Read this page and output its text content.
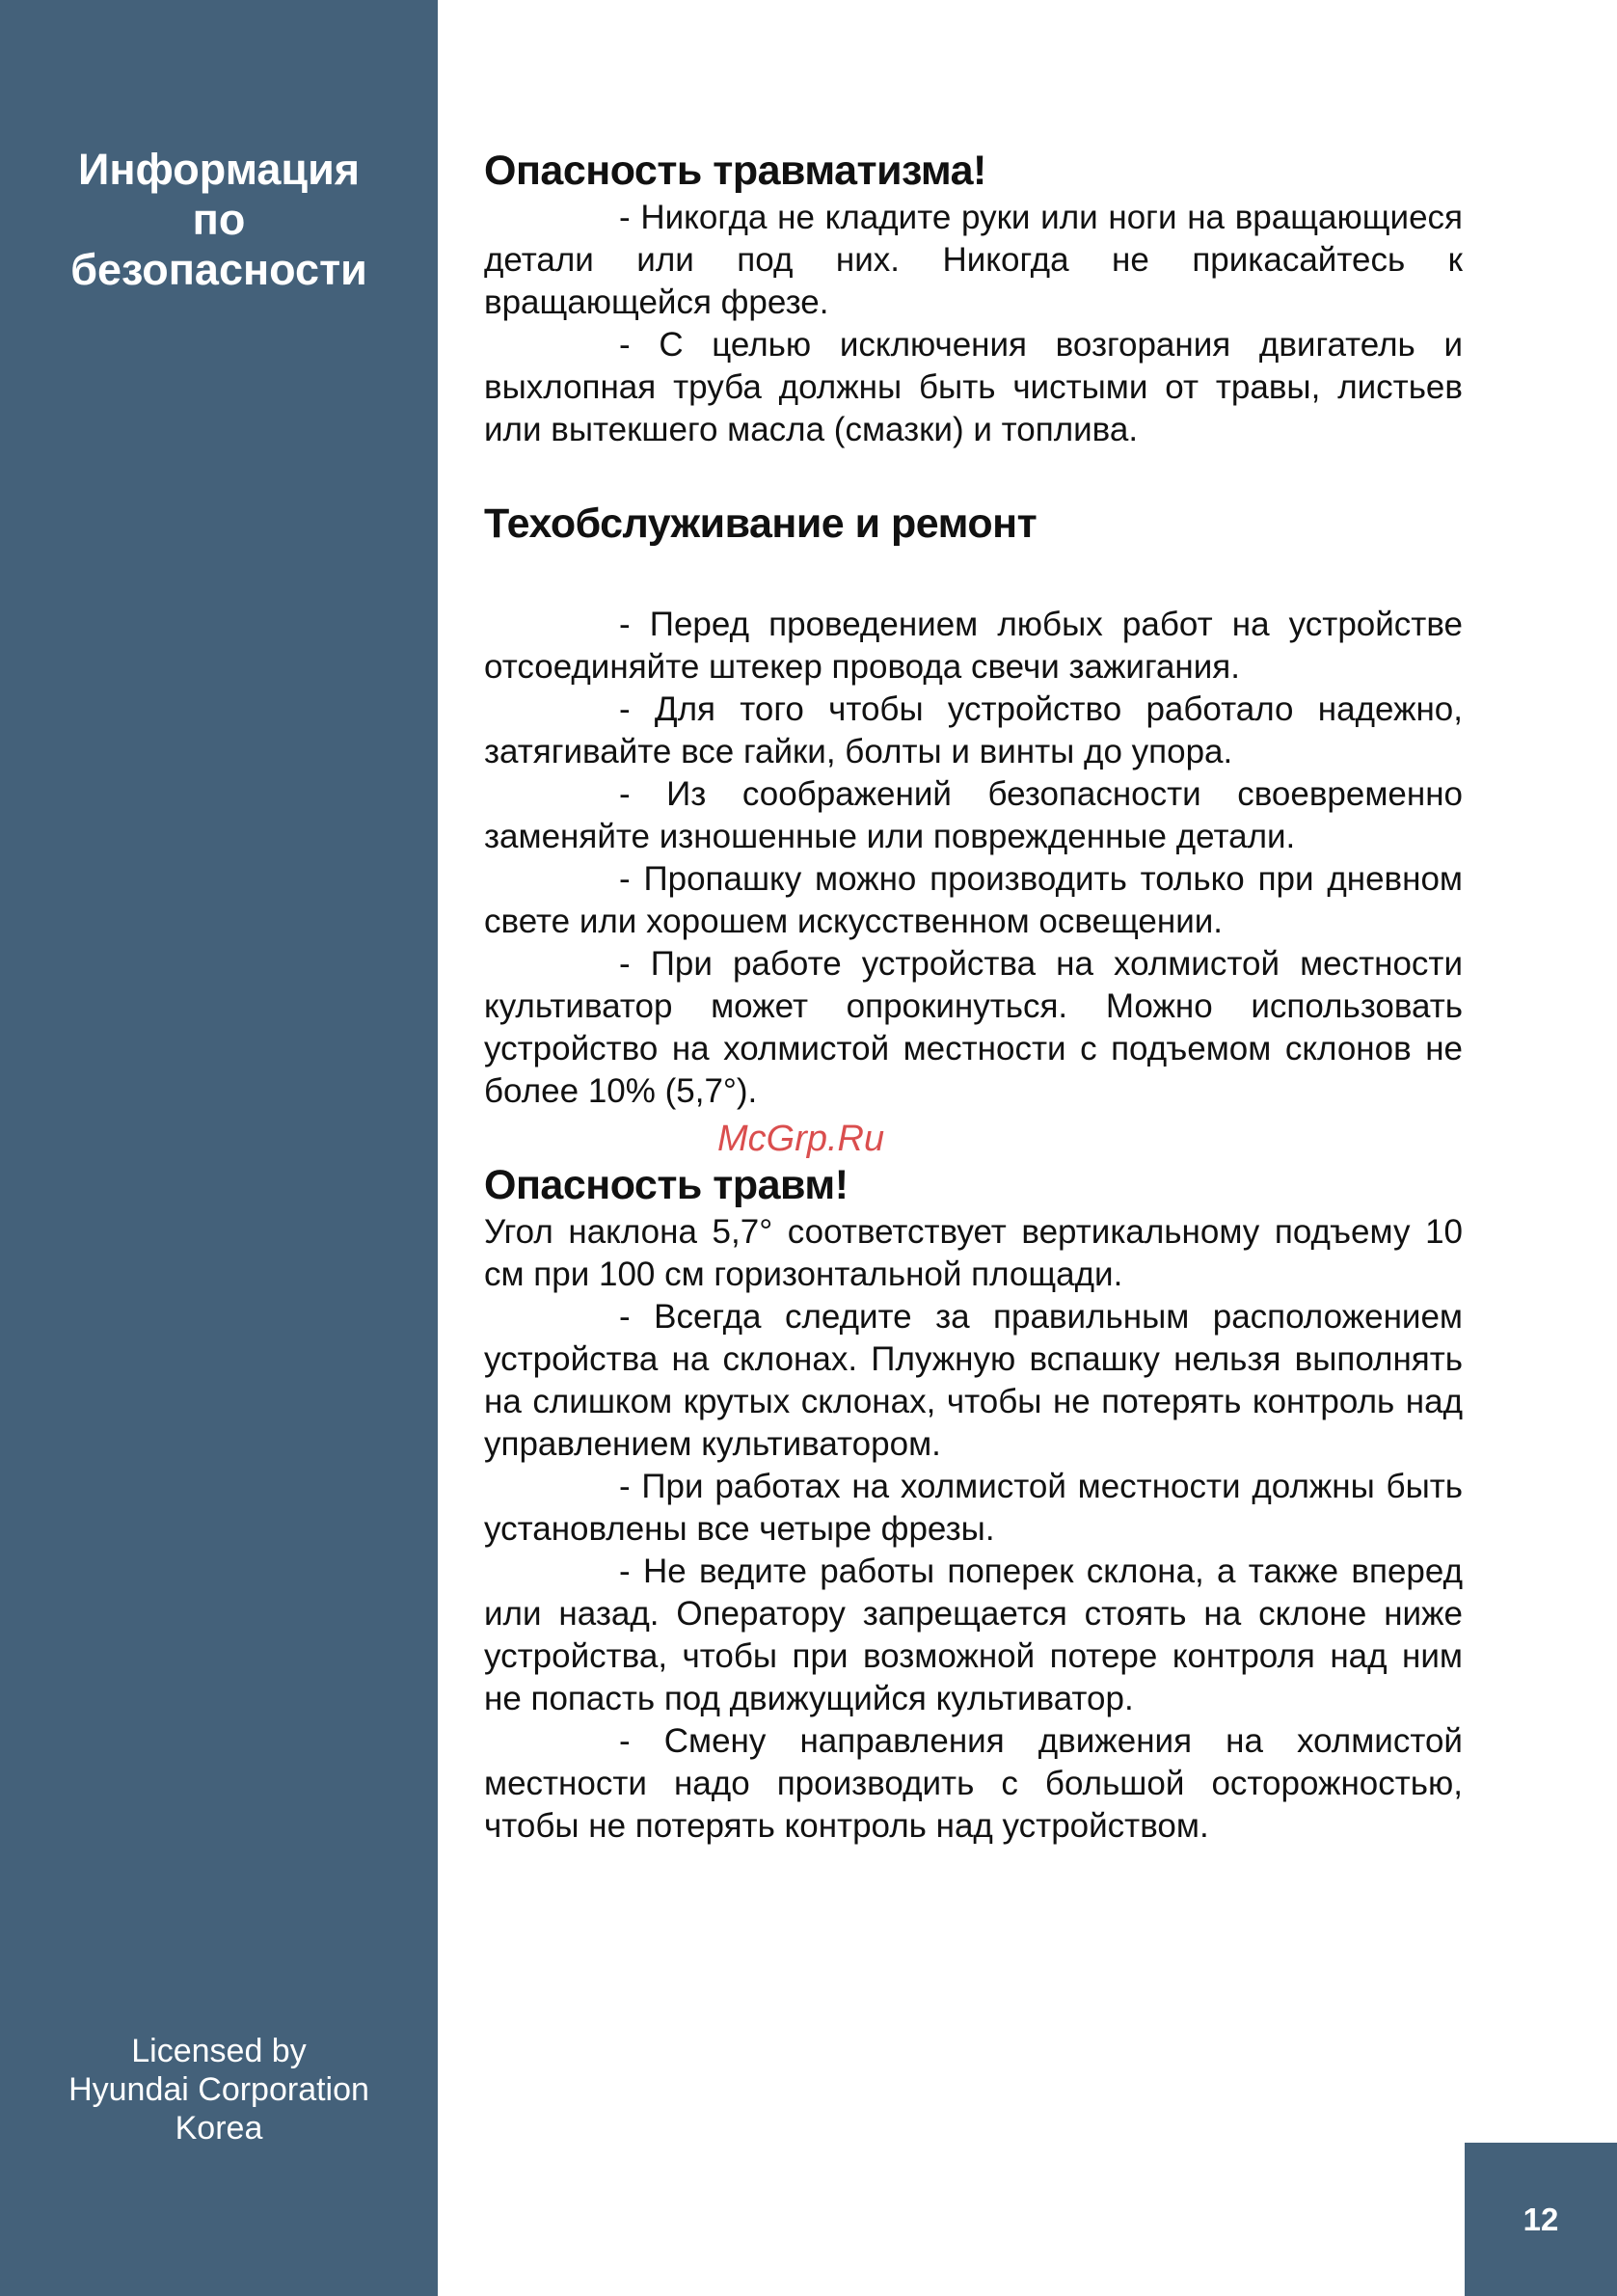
Информация
по
безопасности
Licensed by
Hyundai Corporation
Korea
Опасность травматизма!

- Никогда не кладите руки или ноги на вращающиеся детали или под них. Никогда не прикасайтесь к вращающейся фрезе.

- С целью исключения возгорания двигатель и выхлопная труба должны быть чистыми от травы, листьев или вытекшего масла (смазки) и топлива.

Техобслуживание и ремонт

- Перед проведением любых работ на устройстве отсоединяйте штекер провода свечи зажигания.

- Для того чтобы устройство работало надежно, затягивайте все гайки, болты и винты до упора.

- Из соображений безопасности своевременно заменяйте изношенные или поврежденные детали.

- Пропашку можно производить только при дневном свете или хорошем искусственном освещении.

- При работе устройства на холмистой местности культиватор может опрокинуться. Можно использовать устройство на холмистой местности с подъемом склонов не более 10% (5,7°).

Опасность травм!

Угол наклона 5,7° соответствует вертикальному подъему 10 см при 100 см горизонтальной площади.

- Всегда следите за правильным расположением устройства на склонах. Плужную вспашку нельзя выполнять на слишком крутых склонах, чтобы не потерять контроль над управлением культиватором.

- При работах на холмистой местности должны быть установлены все четыре фрезы.

- Не ведите работы поперек склона, а также вперед или назад. Оператору запрещается стоять на склоне ниже устройства, чтобы при возможной потере контроля над ним не попасть под движущийся культиватор.

- Смену направления движения на холмистой местности надо производить с большой осторожностью, чтобы не потерять контроль над устройством.

McGrp.Ru
12
